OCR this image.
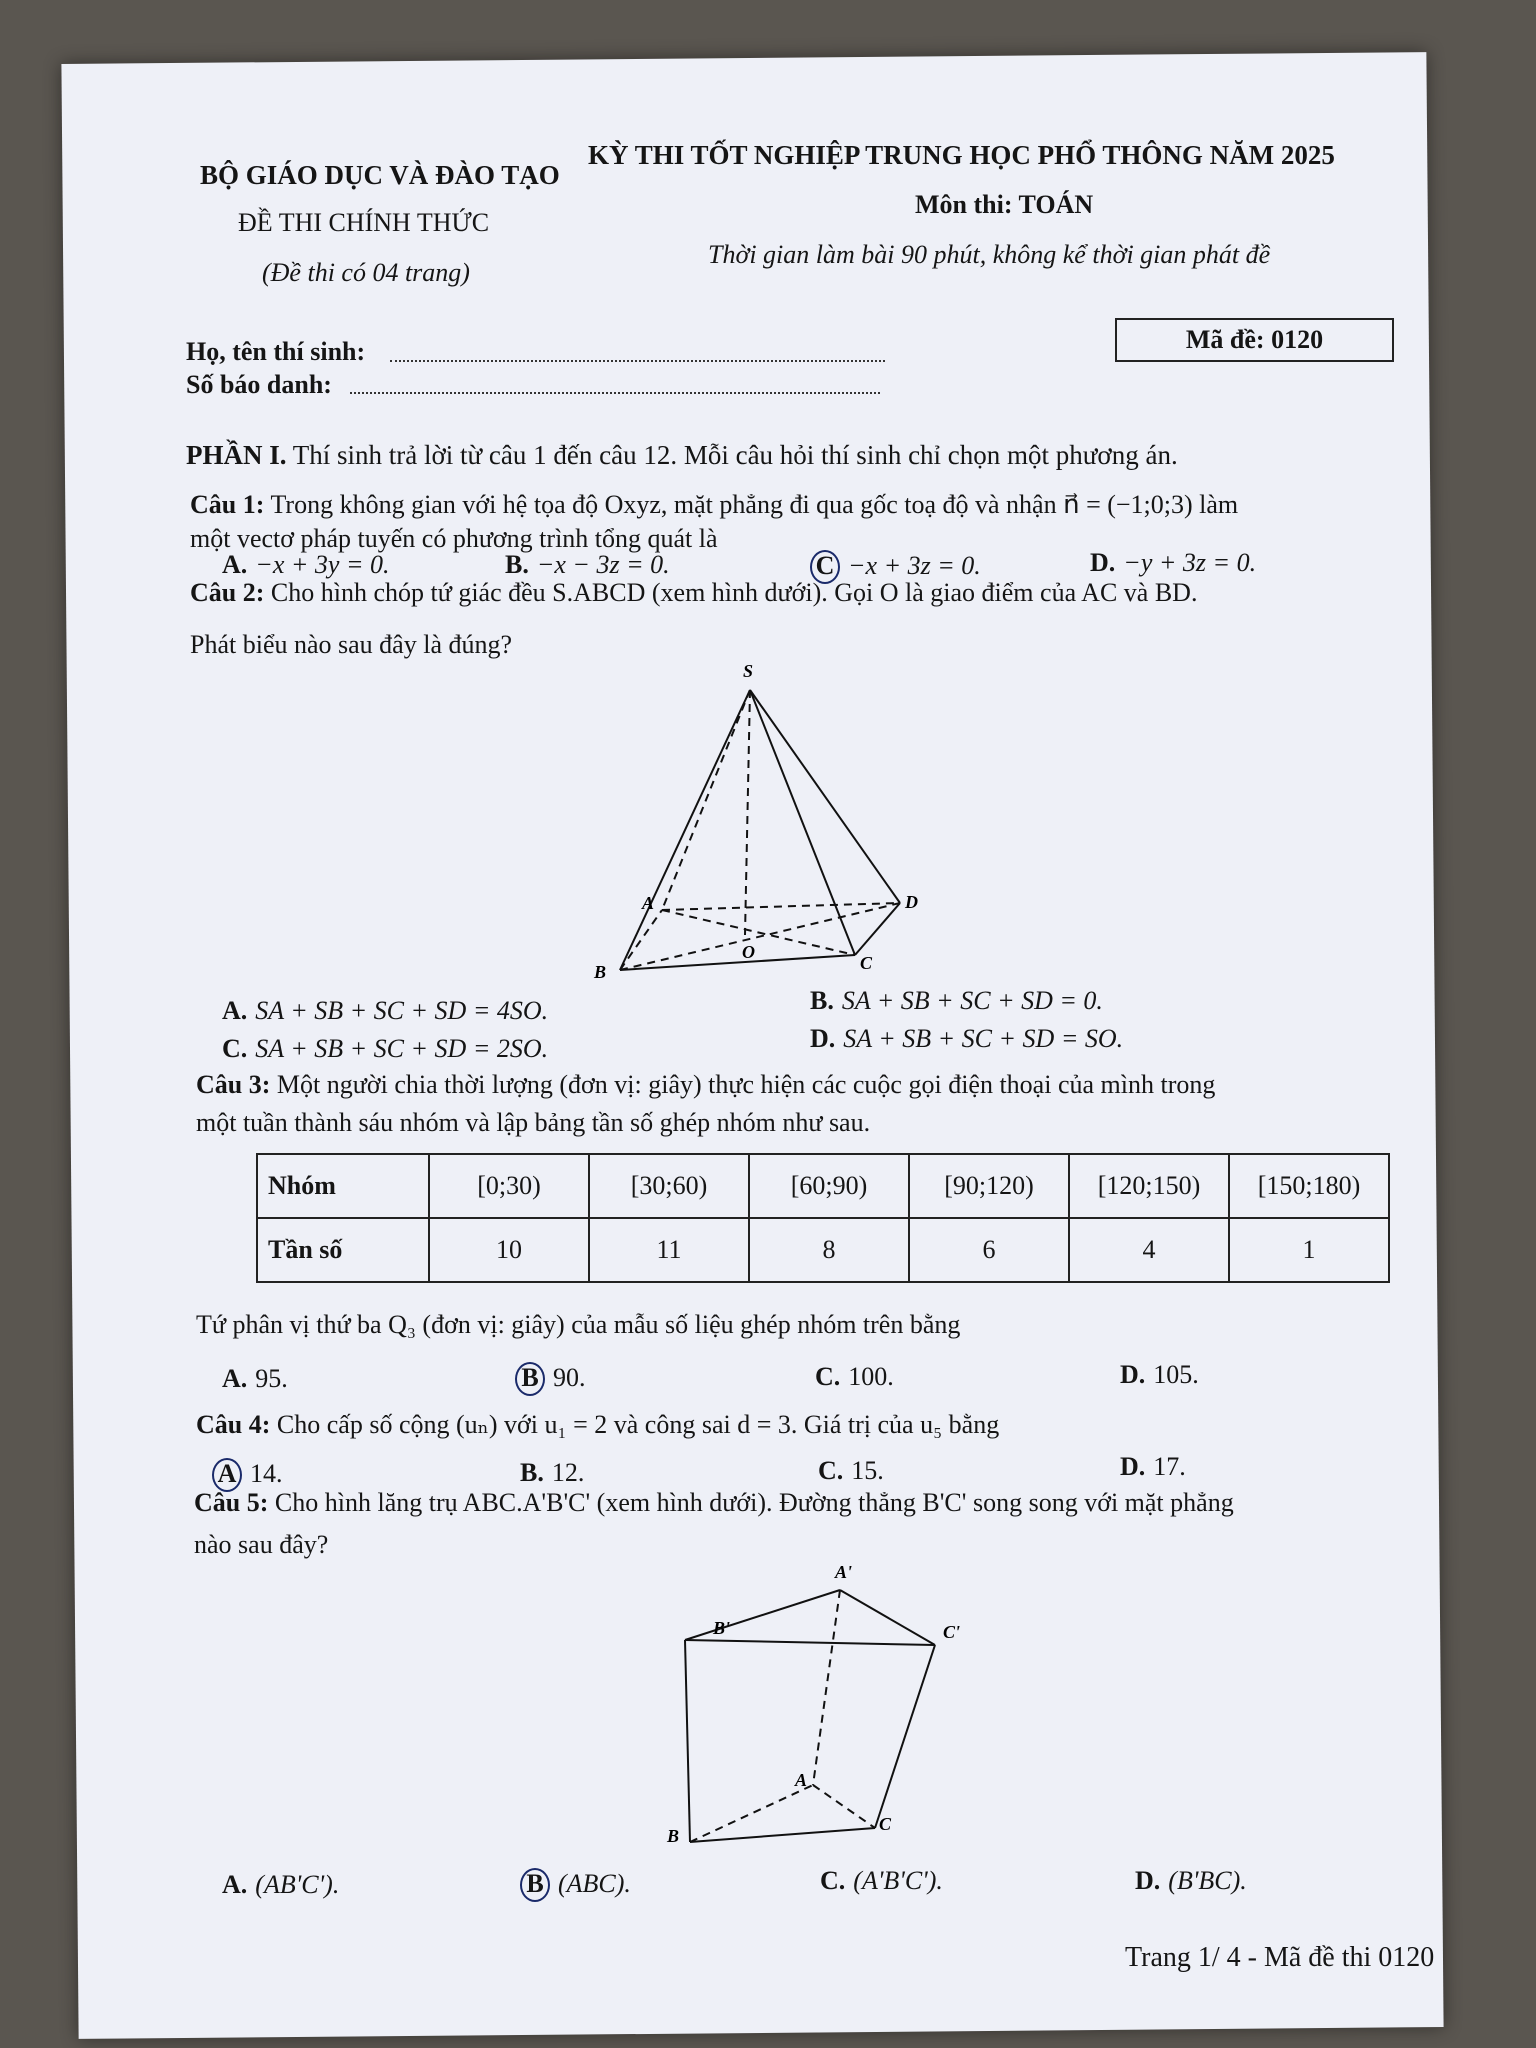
BỘ GIÁO DỤC VÀ ĐÀO TẠO
KỲ THI TỐT NGHIỆP TRUNG HỌC PHỔ THÔNG NĂM 2025
ĐỀ THI CHÍNH THỨC
Môn thi: TOÁN
(Đề thi có 04 trang)
Thời gian làm bài 90 phút, không kể thời gian phát đề
Họ, tên thí sinh:
Số báo danh:
Mã đề: 0120
PHẦN I. Thí sinh trả lời từ câu 1 đến câu 12. Mỗi câu hỏi thí sinh chỉ chọn một phương án.
Câu 1: Trong không gian với hệ tọa độ Oxyz, mặt phẳng đi qua gốc toạ độ và nhận n⃗ = (−1;0;3) làm
một vectơ pháp tuyến có phương trình tổng quát là
A. −x + 3y = 0.	B. −x − 3z = 0.	C −x + 3z = 0.	D. −y + 3z = 0.
Câu 2: Cho hình chóp tứ giác đều S.ABCD (xem hình dưới). Gọi O là giao điểm của AC và BD.
Phát biểu nào sau đây là đúng?
S
A	D
B	C
O
A. SA + SB + SC + SD = 4SO.	B. SA + SB + SC + SD = 0.
C. SA + SB + SC + SD = 2SO.	D. SA + SB + SC + SD = SO.
Câu 3: Một người chia thời lượng (đơn vị: giây) thực hiện các cuộc gọi điện thoại của mình trong
một tuần thành sáu nhóm và lập bảng tần số ghép nhóm như sau.
Nhóm	[0;30)	[30;60)	[60;90)	[90;120)	[120;150)	[150;180)
Tần số	10	11	8	6	4	1
Tứ phân vị thứ ba Q₃ (đơn vị: giây) của mẫu số liệu ghép nhóm trên bằng
A. 95.	B 90.	C. 100.	D. 105.
Câu 4: Cho cấp số cộng (uₙ) với u₁ = 2 và công sai d = 3. Giá trị của u₅ bằng
A 14.	B. 12.	C. 15.	D. 17.
Câu 5: Cho hình lăng trụ ABC.A'B'C' (xem hình dưới). Đường thẳng B'C' song song với mặt phẳng
nào sau đây?
A'
B'	C'
A
B
C
A. (AB'C').	B (ABC).	C. (A'B'C').	D. (B'BC).
Trang 1/ 4 - Mã đề thi 0120
